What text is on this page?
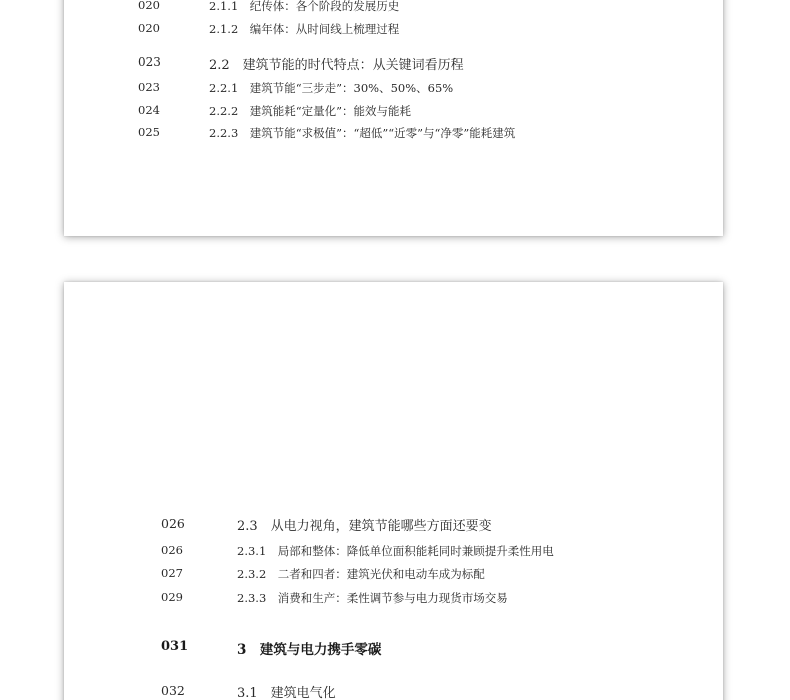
020	2.1.1　纪传体：各个阶段的发展历史
020	2.1.2　编年体：从时间线上梳理过程
023	2.2　建筑节能的时代特点：从关键词看历程
023	2.2.1　建筑节能“三步走”：30%、50%、65%
024	2.2.2　建筑能耗“定量化”：能效与能耗
025	2.2.3　建筑节能“求极值”：“超低”“近零”与“净零”能耗建筑
026	2.3　从电力视角，建筑节能哪些方面还要变
026	2.3.1　局部和整体：降低单位面积能耗同时兼顾提升柔性用电
027	2.3.2　二者和四者：建筑光伏和电动车成为标配
029	2.3.3　消费和生产：柔性调节参与电力现货市场交易
031	3　建筑与电力携手零碳
032	3.1　建筑电气化
